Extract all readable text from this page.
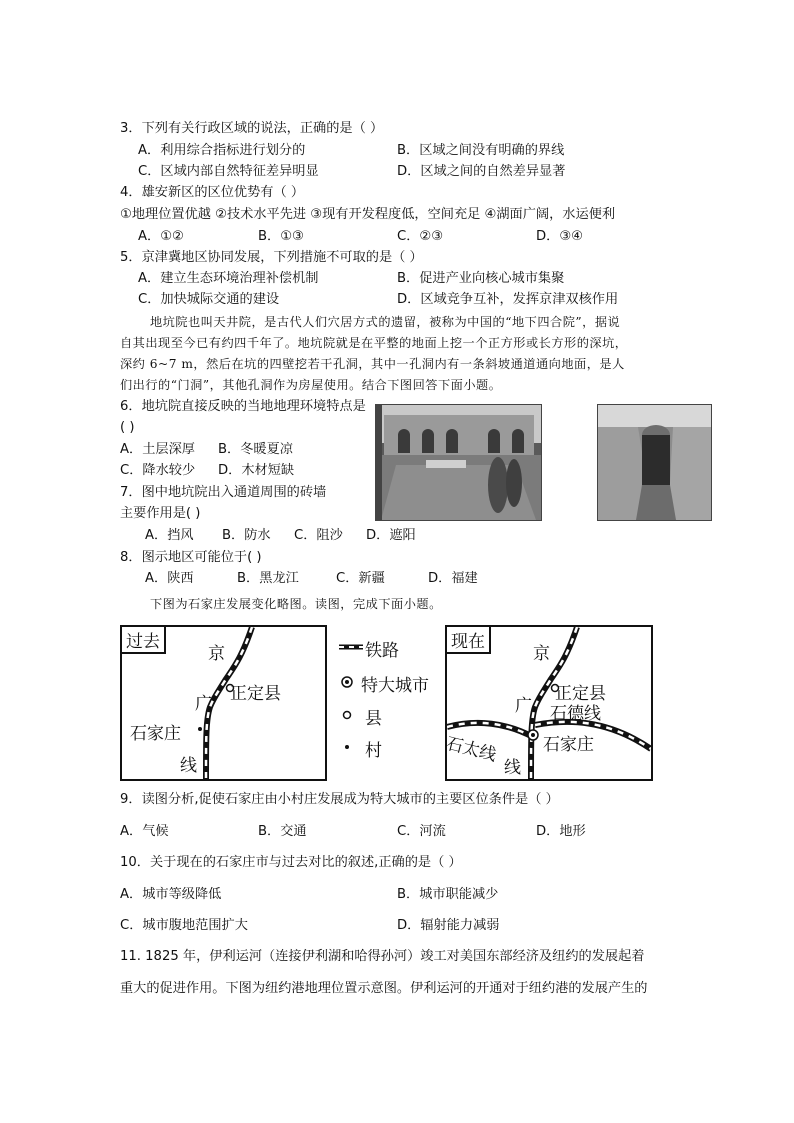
3．下列有关行政区域的说法，正确的是（ ）
A．利用综合指标进行划分的	B．区域之间没有明确的界线
C．区域内部自然特征差异明显	D．区域之间的自然差异显著
4．雄安新区的区位优势有（ ）
①地理位置优越 ②技术水平先进 ③现有开发程度低，空间充足 ④湖面广阔，水运便利
A．①②	B．①③	C．②③	D．③④
5．京津冀地区协同发展，下列措施不可取的是（ ）
A．建立生态环境治理补偿机制	B．促进产业向核心城市集聚
C．加快城际交通的建设	D．区域竞争互补，发挥京津双核作用
地坑院也叫天井院，是古代人们穴居方式的遗留，被称为中国的“地下四合院”，据说
自其出现至今已有约四千年了。地坑院就是在平整的地面上挖一个正方形或长方形的深坑，
深约 6~7 m，然后在坑的四壁挖若干孔洞，其中一孔洞内有一条斜坡通道通向地面，是人
们出行的“门洞”，其他孔洞作为房屋使用。结合下图回答下面小题。
6．地坑院直接反映的当地地理环境特点是
( )
A．土层深厚 B．冬暖夏凉
C．降水较少 D．木材短缺
7．图中地坑院出入通道周围的砖墙
主要作用是( )
A．挡风 B．防水 C．阻沙 D．遮阳
8．图示地区可能位于( )
A．陕西	B．黑龙江	C．新疆	D．福建
下图为石家庄发展变化略图。读图，完成下面小题。
过去
京
正定县
广
石家庄
线
铁路
特大城市
县
村
现在
京
正定县
广 石德线
石太线
线
石家庄
9．读图分析,促使石家庄由小村庄发展成为特大城市的主要区位条件是（ ）
A．气候	B．交通	C．河流	D．地形
10．关于现在的石家庄市与过去对比的叙述,正确的是（ ）
A．城市等级降低	B．城市职能减少
C．城市腹地范围扩大	D．辐射能力减弱
11. 1825 年，伊利运河（连接伊利湖和哈得孙河）竣工对美国东部经济及纽约的发展起着
重大的促进作用。下图为纽约港地理位置示意图。伊利运河的开通对于纽约港的发展产生的
